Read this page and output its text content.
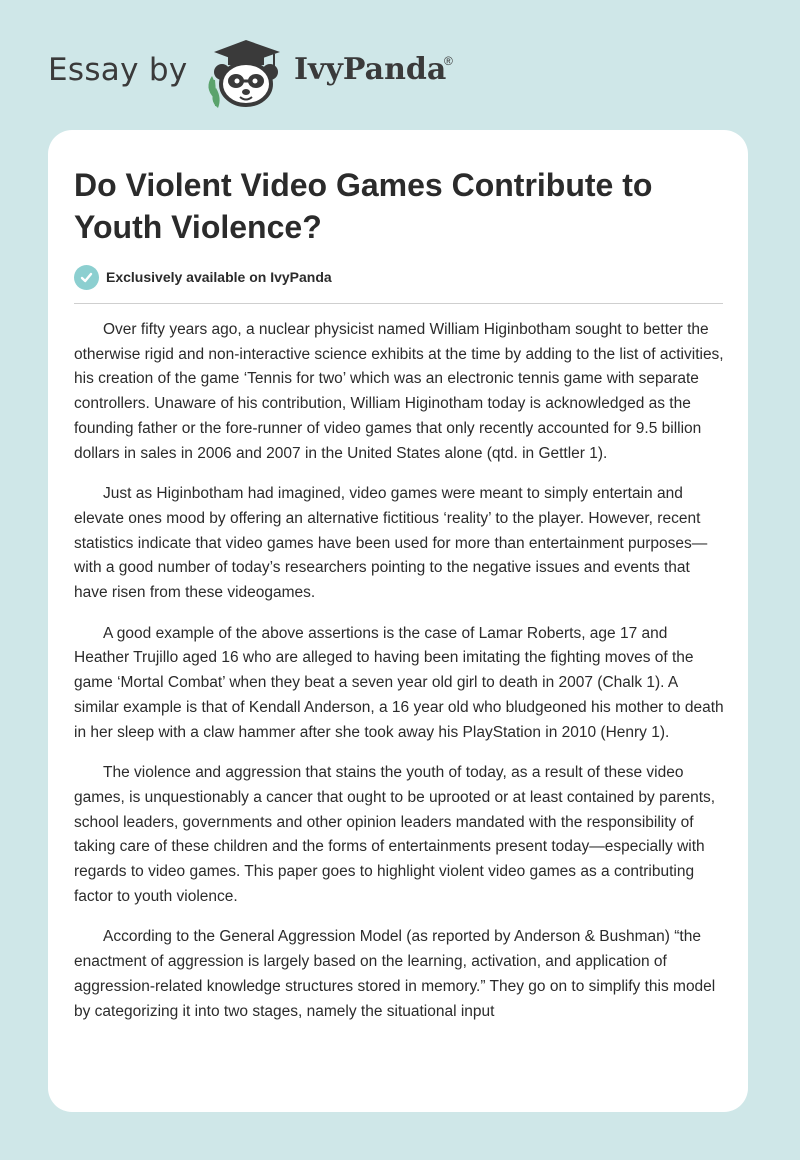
Essay by	IvyPanda
®
Do Violent Video Games Contribute to Youth Violence?
Exclusively available on IvyPanda

Over fifty years ago, a nuclear physicist named William Higinbotham sought to better the otherwise rigid and non-interactive science exhibits at the time by adding to the list of activities, his creation of the game ‘Tennis for two’ which was an electronic tennis game with separate controllers. Unaware of his contribution, William Higinotham today is acknowledged as the founding father or the fore-runner of video games that only recently accounted for 9.5 billion dollars in sales in 2006 and 2007 in the United States alone (qtd. in Gettler 1).

Just as Higinbotham had imagined, video games were meant to simply entertain and elevate ones mood by offering an alternative fictitious ‘reality’ to the player. However, recent statistics indicate that video games have been used for more than entertainment purposes—with a good number of today’s researchers pointing to the negative issues and events that have risen from these videogames.

A good example of the above assertions is the case of Lamar Roberts, age 17 and Heather Trujillo aged 16 who are alleged to having been imitating the fighting moves of the game ‘Mortal Combat’ when they beat a seven year old girl to death in 2007 (Chalk 1). A similar example is that of Kendall Anderson, a 16 year old who bludgeoned his mother to death in her sleep with a claw hammer after she took away his PlayStation in 2010 (Henry 1).

The violence and aggression that stains the youth of today, as a result of these video games, is unquestionably a cancer that ought to be uprooted or at least contained by parents, school leaders, governments and other opinion leaders mandated with the responsibility of taking care of these children and the forms of entertainments present today—especially with regards to video games. This paper goes to highlight violent video games as a contributing factor to youth violence.

According to the General Aggression Model (as reported by Anderson & Bushman) “the enactment of aggression is largely based on the learning, activation, and application of aggression-related knowledge structures stored in memory.” They go on to simplify this model by categorizing it into two stages, namely the situational input
